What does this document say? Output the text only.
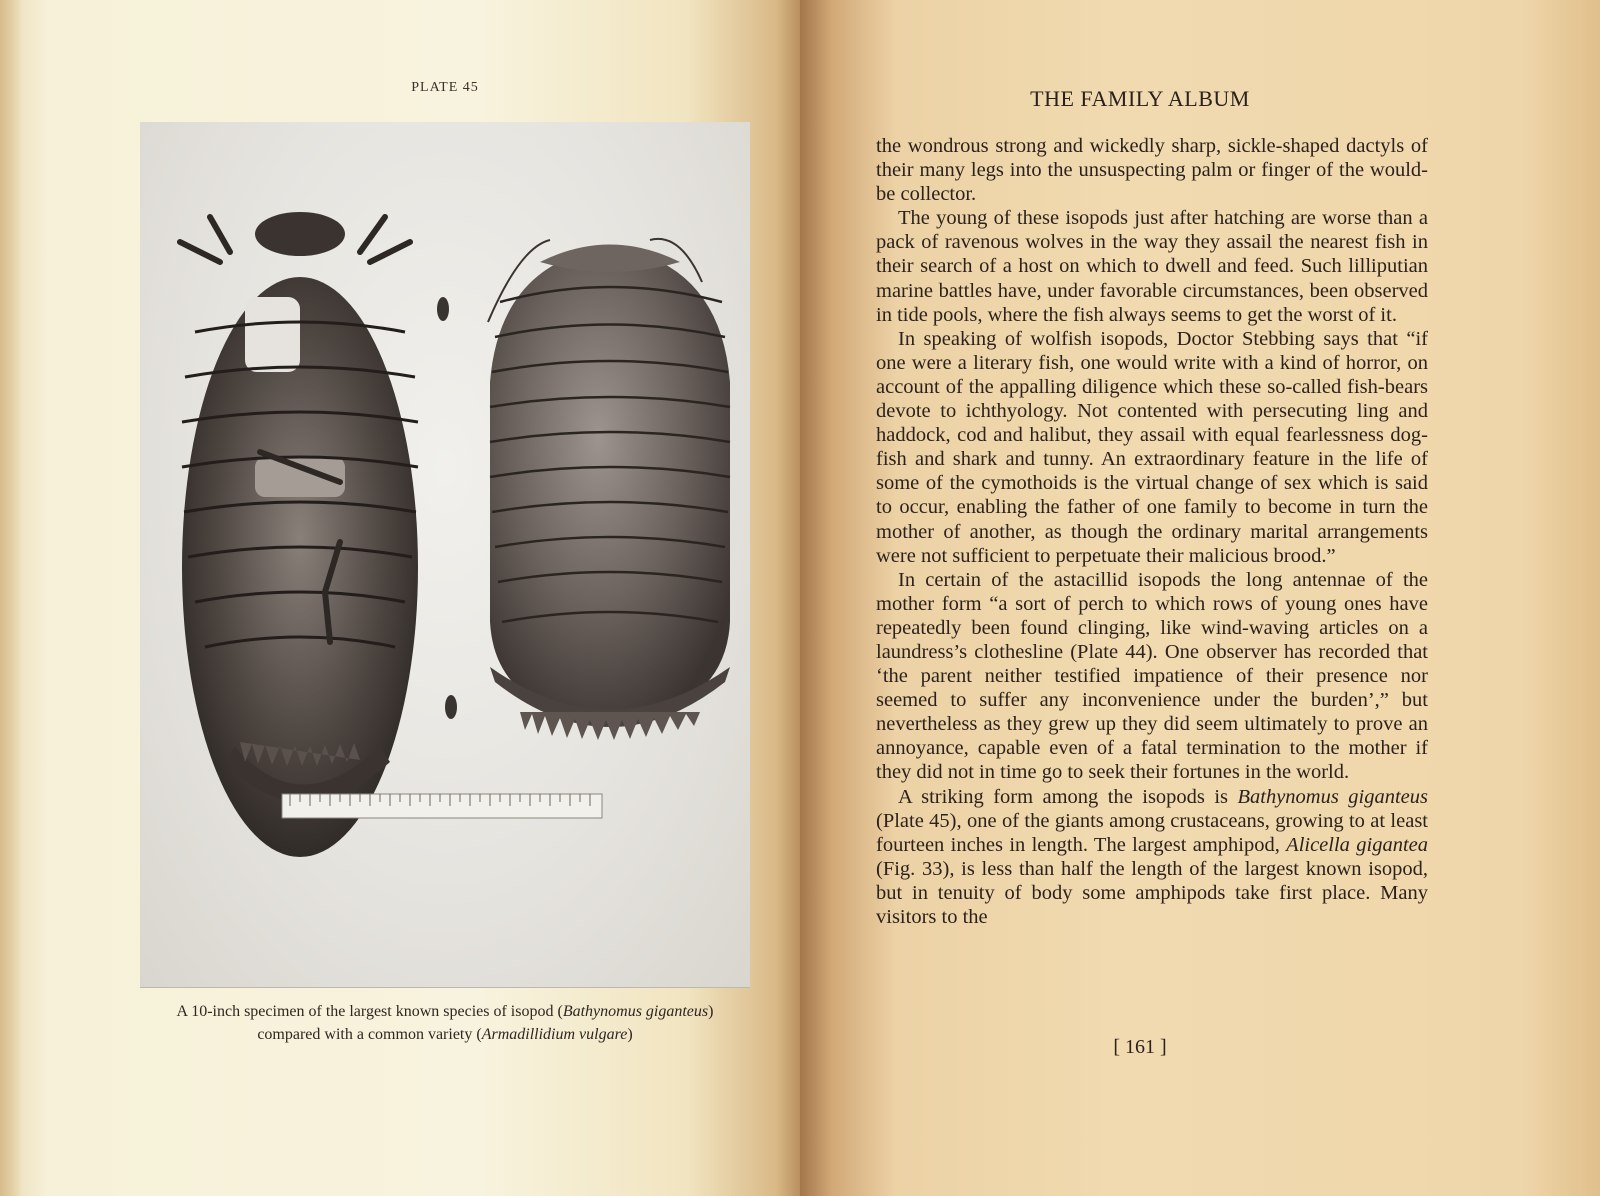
PLATE 45
A 10-inch specimen of the largest known species of isopod (Bathynomus giganteus) compared with a common variety (Armadillidium vulgare)
THE FAMILY ALBUM

the wondrous strong and wickedly sharp, sickle-shaped dactyls of their many legs into the unsuspecting palm or finger of the would-be collector.

The young of these isopods just after hatching are worse than a pack of ravenous wolves in the way they assail the nearest fish in their search of a host on which to dwell and feed. Such lilliputian marine battles have, under favorable circumstances, been observed in tide pools, where the fish always seems to get the worst of it.

In speaking of wolfish isopods, Doctor Stebbing says that “if one were a literary fish, one would write with a kind of horror, on account of the appalling diligence which these so-called fish-bears devote to ichthyology. Not contented with persecuting ling and haddock, cod and halibut, they assail with equal fearlessness dog-fish and shark and tunny. An extraordinary feature in the life of some of the cymothoids is the virtual change of sex which is said to occur, enabling the father of one family to become in turn the mother of another, as though the ordinary marital arrangements were not sufficient to perpetuate their malicious brood.”

In certain of the astacillid isopods the long antennae of the mother form “a sort of perch to which rows of young ones have repeatedly been found clinging, like wind-waving articles on a laundress’s clothesline (Plate 44). One observer has recorded that ‘the parent neither testified impatience of their presence nor seemed to suffer any inconvenience under the burden’,” but nevertheless as they grew up they did seem ultimately to prove an annoyance, capable even of a fatal termination to the mother if they did not in time go to seek their fortunes in the world.

A striking form among the isopods is Bathynomus giganteus (Plate 45), one of the giants among crustaceans, growing to at least fourteen inches in length. The largest amphipod, Alicella gigantea (Fig. 33), is less than half the length of the largest known isopod, but in tenuity of body some amphipods take first place. Many visitors to the

[ 161 ]
